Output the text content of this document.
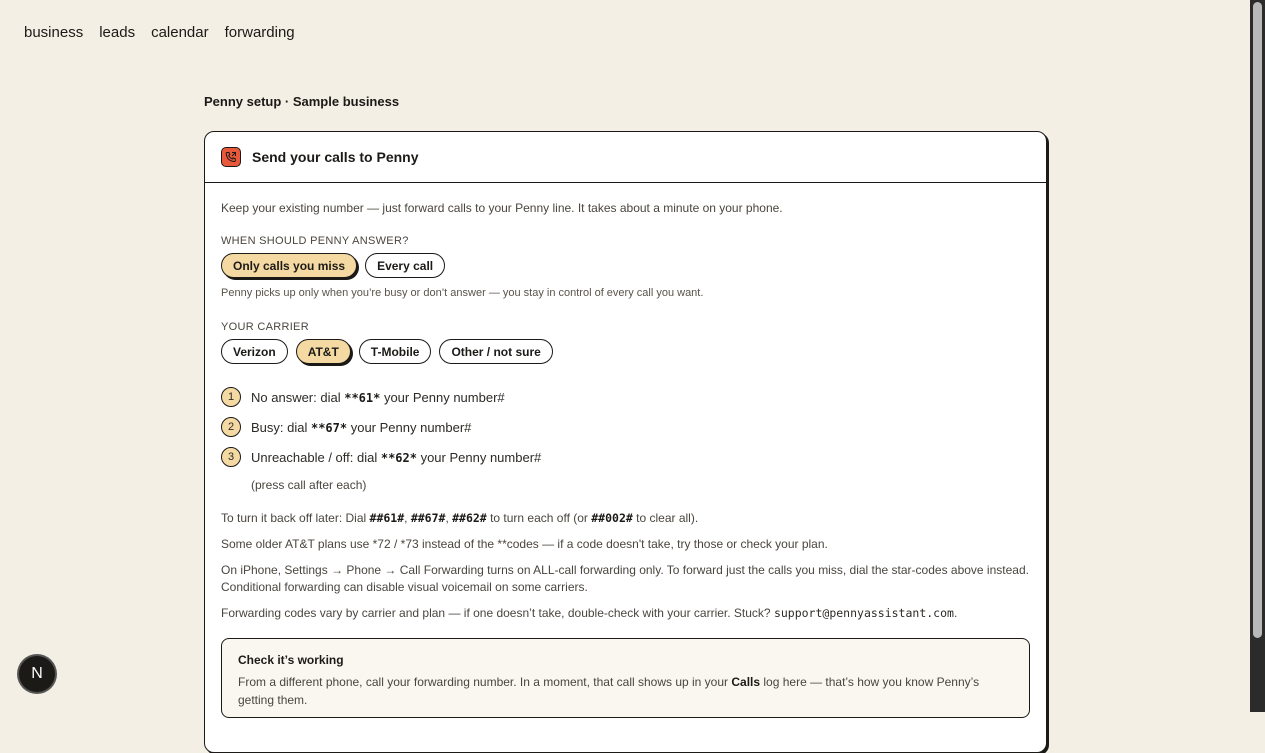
business leads calendar forwarding
Penny setup · Sample business
Send your calls to Penny
Keep your existing number — just forward calls to your Penny line. It takes about a minute on your phone.
WHEN SHOULD PENNY ANSWER?
Only calls you miss	Every call
Penny picks up only when you’re busy or don’t answer — you stay in control of every call you want.
YOUR CARRIER
Verizon	AT&T	T-Mobile	Other / not sure
1	No answer: dial **61* your Penny number#
2	Busy: dial **67* your Penny number#
3	Unreachable / off: dial **62* your Penny number#
(press call after each)

To turn it back off later: Dial ##61#, ##67#, ##62# to turn each off (or ##002# to clear all).

Some older AT&T plans use *72 / *73 instead of the **codes — if a code doesn't take, try those or check your plan.

On iPhone, Settings → Phone → Call Forwarding turns on ALL-call forwarding only. To forward just the calls you miss, dial the star-codes above instead. Conditional forwarding can disable visual voicemail on some carriers.

Forwarding codes vary by carrier and plan — if one doesn’t take, double-check with your carrier. Stuck? support@pennyassistant.com.

Check it’s working
From a different phone, call your forwarding number. In a moment, that call shows up in your Calls log here — that’s how you know Penny’s getting them.
N
